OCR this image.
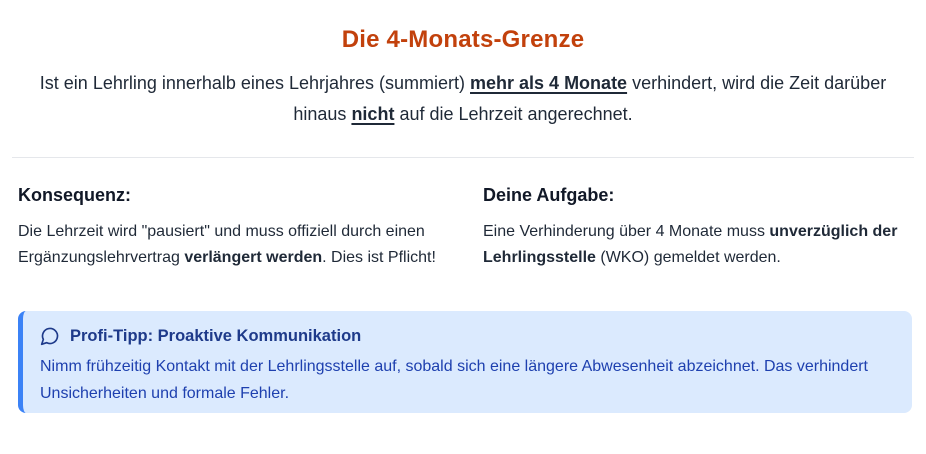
Die 4-Monats-Grenze

Ist ein Lehrling innerhalb eines Lehrjahres (summiert) mehr als 4 Monate verhindert, wird die Zeit darüber hinaus nicht auf die Lehrzeit angerechnet.

Konsequenz:

Die Lehrzeit wird "pausiert" und muss offiziell durch einen Ergänzungslehrvertrag verlängert werden. Dies ist Pflicht!

Deine Aufgabe:

Eine Verhinderung über 4 Monate muss unverzüglich der Lehrlingsstelle (WKO) gemeldet werden.

Profi-Tipp: Proaktive Kommunikation

Nimm frühzeitig Kontakt mit der Lehrlingsstelle auf, sobald sich eine längere Abwesenheit abzeichnet. Das verhindert Unsicherheiten und formale Fehler.
